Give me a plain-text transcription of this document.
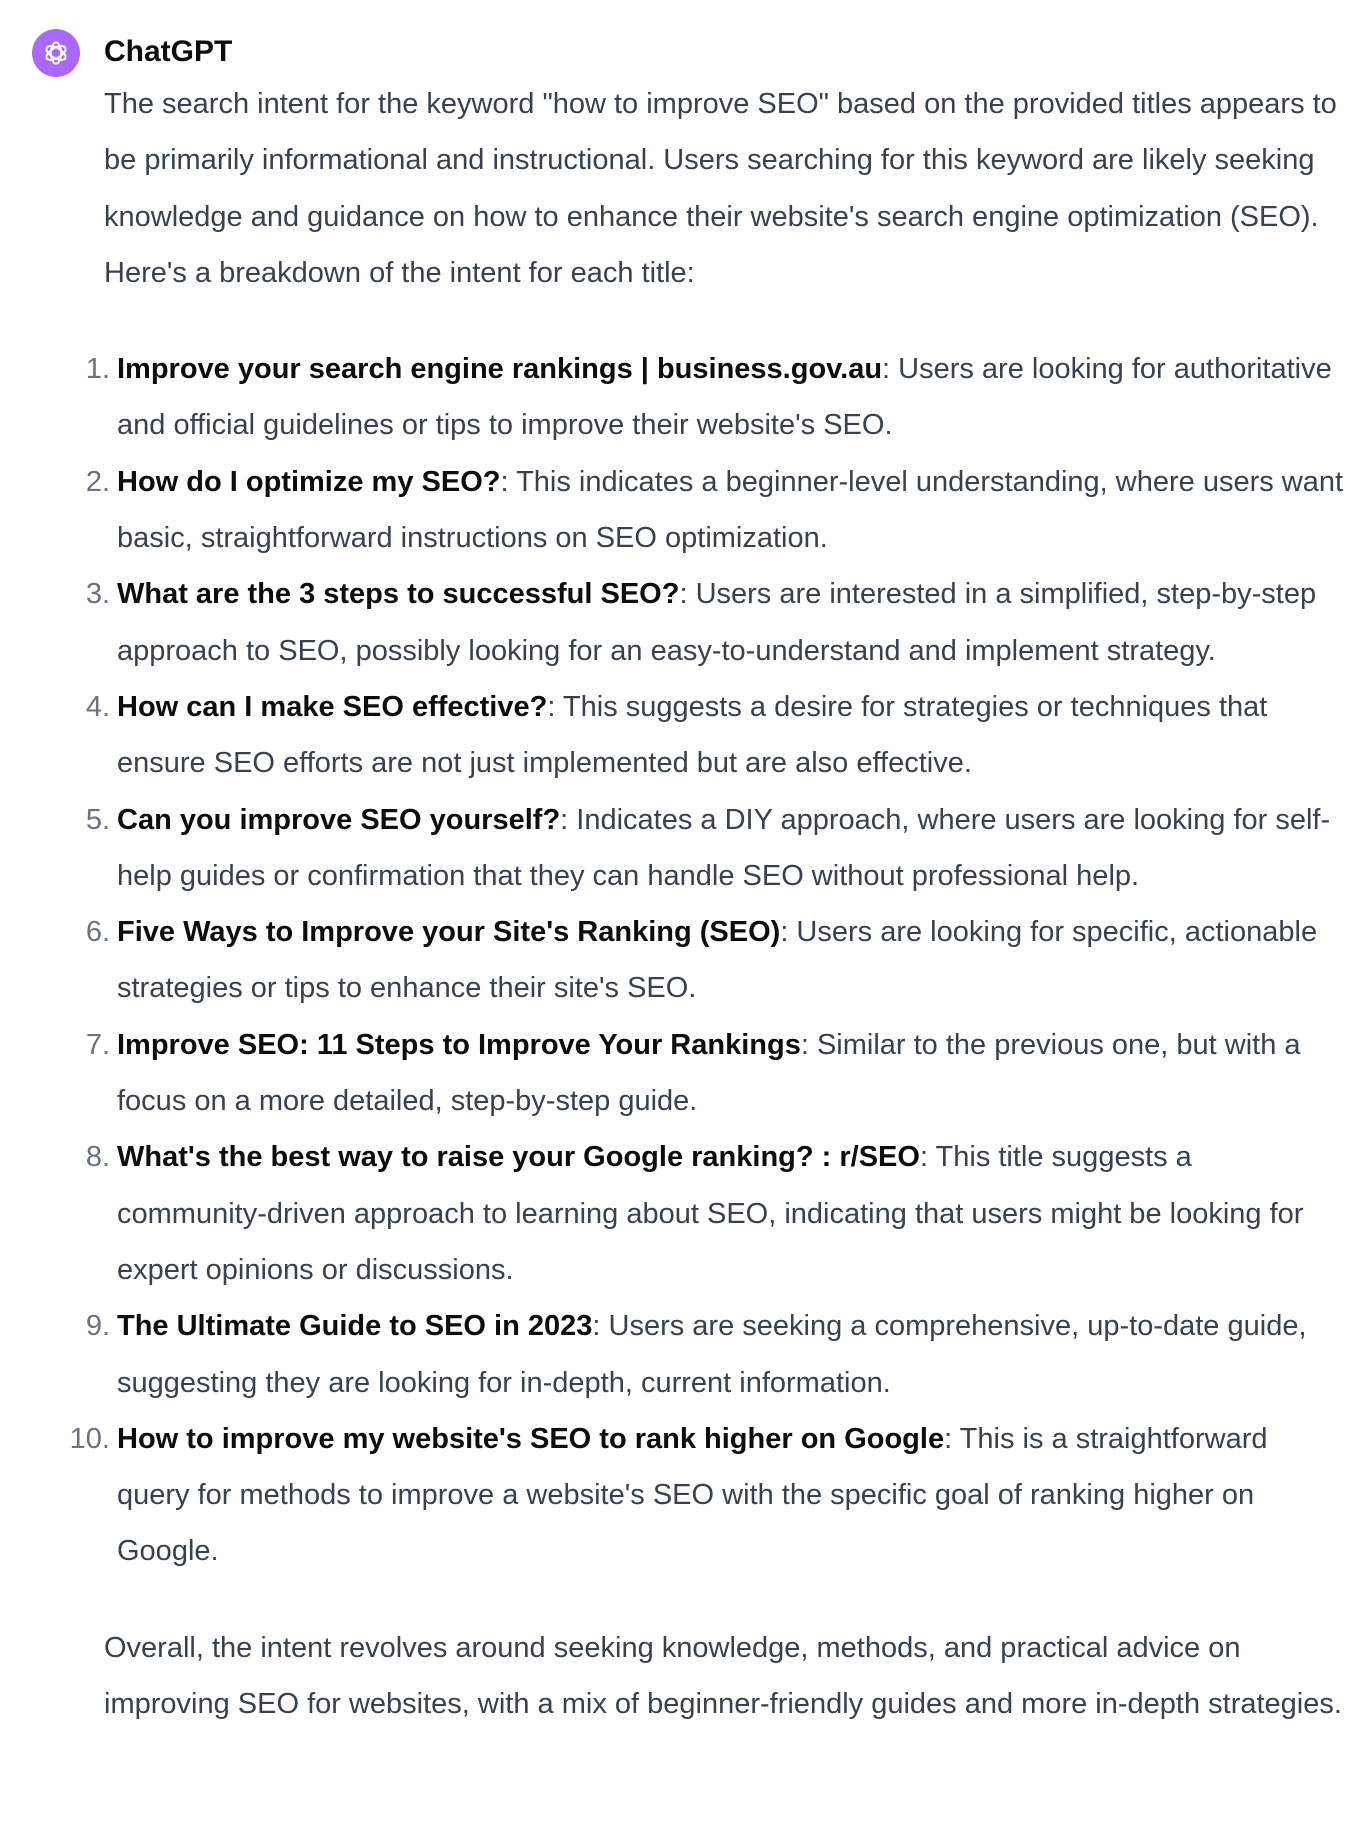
ChatGPT

The search intent for the keyword "how to improve SEO" based on the provided titles appears to be primarily informational and instructional. Users searching for this keyword are likely seeking knowledge and guidance on how to enhance their website's search engine optimization (SEO). Here's a breakdown of the intent for each title:

1. Improve your search engine rankings | business.gov.au: Users are looking for authoritative and official guidelines or tips to improve their website's SEO.
2. How do I optimize my SEO?: This indicates a beginner-level understanding, where users want basic, straightforward instructions on SEO optimization.
3. What are the 3 steps to successful SEO?: Users are interested in a simplified, step-by-step approach to SEO, possibly looking for an easy-to-understand and implement strategy.
4. How can I make SEO effective?: This suggests a desire for strategies or techniques that ensure SEO efforts are not just implemented but are also effective.
5. Can you improve SEO yourself?: Indicates a DIY approach, where users are looking for self-help guides or confirmation that they can handle SEO without professional help.
6. Five Ways to Improve your Site's Ranking (SEO): Users are looking for specific, actionable strategies or tips to enhance their site's SEO.
7. Improve SEO: 11 Steps to Improve Your Rankings: Similar to the previous one, but with a focus on a more detailed, step-by-step guide.
8. What's the best way to raise your Google ranking? : r/SEO: This title suggests a community-driven approach to learning about SEO, indicating that users might be looking for expert opinions or discussions.
9. The Ultimate Guide to SEO in 2023: Users are seeking a comprehensive, up-to-date guide, suggesting they are looking for in-depth, current information.
10. How to improve my website's SEO to rank higher on Google: This is a straightforward query for methods to improve a website's SEO with the specific goal of ranking higher on Google.

Overall, the intent revolves around seeking knowledge, methods, and practical advice on improving SEO for websites, with a mix of beginner-friendly guides and more in-depth strategies.
